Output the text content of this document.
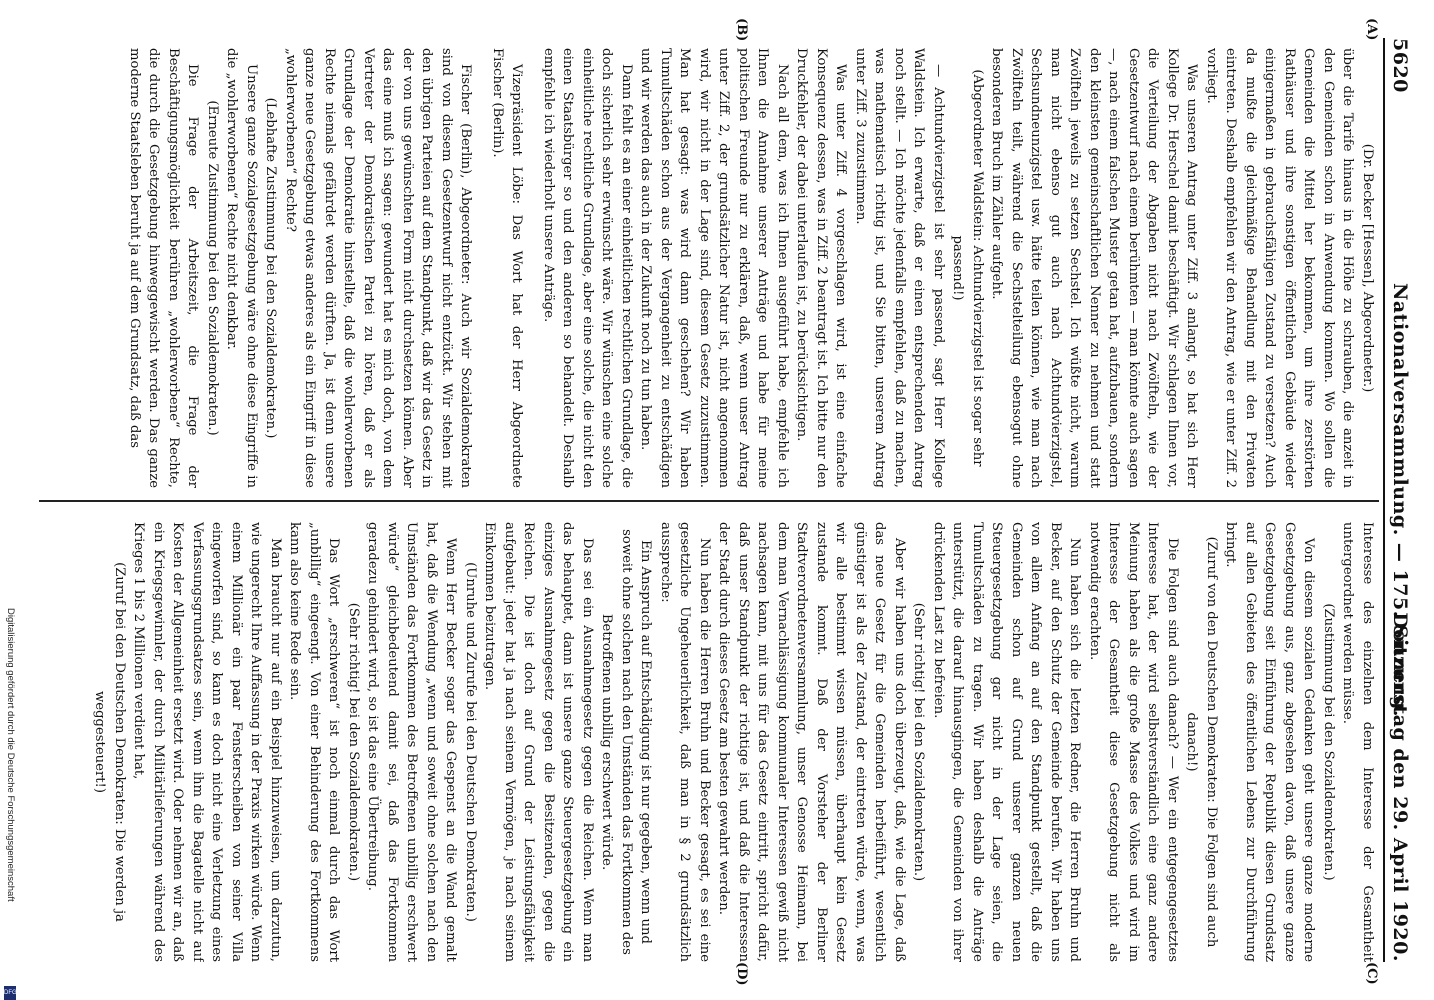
5620
Nationalversammlung. — 175. Sitzung.
Donnerstag den 29. April 1920.
(A)
(B)
(C)
(D)

(Dr. Becker [Hessen], Abgeordneter.)

über die Tarife hinaus in die Höhe zu schrauben, die anzeit in den Gemeinden schon in Anwendung kommen. Wo sollen die Gemeinden die Mittel her bekommen, um ihre zerstörten Rathäuser und ihre sonstigen öffentlichen Gebäude wieder einigermaßen in gebrauchsfähigen Zustand zu versetzen? Auch da mußte die gleichmäßige Behandlung mit den Privaten eintreten. Deshalb empfehlen wir den Antrag, wie er unter Ziff. 2 vorliegt.

Was unseren Antrag unter Ziff. 3 anlangt, so hat sich Herr Kollege Dr. Herschel damit beschäftigt. Wir schlagen Ihnen vor, die Verteilung der Abgaben nicht nach Zwölfteln, wie der Gesetzentwurf nach einem berühmten — man könnte auch sagen —, nach einem falschen Muster getan hat, aufzubauen, sondern den kleinsten gemeinschaftlichen Nenner zu nehmen und statt Zwölfteln jeweils zu setzen Sechstel. Ich wüßte nicht, warum man nicht ebenso gut auch nach Achtundvierzigstel, Sechsundneunzigstel usw. hätte teilen können, wie man nach Zwölfteln teilt, während die Sechstelteilung ebensogut ohne besonderen Bruch im Zähler aufgeht.

(Abgeordneter Waldstein: Achtundvierzigstel ist sogar sehr passend!)

— Achtundvierzigstel ist sehr passend, sagt Herr Kollege Waldstein. Ich erwarte, daß er einen entsprechenden Antrag noch stellt. — Ich möchte jedenfalls empfehlen, daß zu machen, was mathematisch richtig ist, und Sie bitten, unserem Antrag unter Ziff. 3 zuzustimmen.

Was unter Ziff. 4 vorgeschlagen wird, ist eine einfache Konsequenz dessen, was in Ziff. 2 beantragt ist. Ich bitte nur den Druckfehler, der dabei unterlaufen ist, zu berücksichtigen.

Nach all dem, was ich Ihnen ausgeführt habe, empfehle ich Ihnen die Annahme unserer Anträge und habe für meine politischen Freunde nur zu erklären, daß, wenn unser Antrag unter Ziff. 2, der grundsätzlicher Natur ist, nicht angenommen wird, wir nicht in der Lage sind, diesem Gesetz zuzustimmen. Man hat gesagt: was wird dann geschehen? Wir haben Tumultschäden schon aus der Vergangenheit zu entschädigen und wir werden das auch in der Zukunft noch zu tun haben.

Dann fehlt es an einer einheitlichen rechtlichen Grundlage, die doch sicherlich sehr erwünscht wäre. Wir wünschen eine solche einheitliche rechtliche Grundlage, aber eine solche, die nicht den einen Staatsbürger so und den anderen so behandelt. Deshalb empfehle ich wiederholt unsere Anträge.

Vizepräsident Löbe: Das Wort hat der Herr Abgeordnete Fischer (Berlin).

Fischer (Berlin), Abgeordneter: Auch wir Sozialdemokraten sind von diesem Gesetzentwurf nicht entzückt. Wir stehen mit den übrigen Parteien auf dem Standpunkt, daß wir das Gesetz in der von uns gewünschten Form nicht durchsetzen können. Aber das eine muß ich sagen: gewundert hat es mich doch, von dem Vertreter der Demokratischen Partei zu hören, daß er als Grundlage der Demokratie hinstellte, daß die wohlerworbenen Rechte niemals gefährdet werden dürften. Ja, ist denn unsere ganze neue Gesetzgebung etwas anderes als ein Eingriff in diese „wohlerworbenen“ Rechte?

(Lebhafte Zustimmung bei den Sozialdemokraten.)

Unsere ganze Sozialgesetzgebung wäre ohne diese Eingriffe in die „wohlerworbenen“ Rechte nicht denkbar.

(Erneute Zustimmung bei den Sozialdemokraten.)

Die Frage der Arbeitszeit, die Frage der Beschäftigungsmöglichkeit berühren „wohlerworbene“ Rechte, die durch die Gesetzgebung hinweggewischt werden. Das ganze moderne Staatsleben beruht ja auf dem Grundsatz, daß das

Interesse des einzelnen dem Interesse der Gesamtheit untergeordnet werden müsse.

(Zustimmung bei den Sozialdemokraten.)

Von diesem sozialen Gedanken geht unsere ganze moderne Gesetzgebung aus, ganz abgesehen davon, daß unsere ganze Gesetzgebung seit Einführung der Republik diesen Grundsatz auf allen Gebieten des öffentlichen Lebens zur Durchführung bringt.

(Zuruf von den Deutschen Demokraten: Die Folgen sind auch danach!)

Die Folgen sind auch danach? — Wer ein entgegengesetztes Interesse hat, der wird selbstverständlich eine ganz andere Meinung haben als die große Masse des Volkes und wird im Interesse der Gesamtheit diese Gesetzgebung nicht als notwendig erachten.

Nun haben sich die letzten Redner, die Herren Bruhn und Becker, auf den Schutz der Gemeinde berufen. Wir haben uns von allem Anfang an auf den Standpunkt gestellt, daß die Gemeinden schon auf Grund unserer ganzen neuen Steuergesetzgebung gar nicht in der Lage seien, die Tumultschäden zu tragen. Wir haben deshalb die Anträge unterstützt, die darauf hinausgingen, die Gemeinden von ihrer drückenden Last zu befreien.

(Sehr richtig! bei den Sozialdemokraten.)

Aber wir haben uns doch überzeugt, daß, wie die Lage, daß das neue Gesetz für die Gemeinden herbeiführt, wesentlich günstiger ist als der Zustand, der eintreten würde, wenn, was wir alle bestimmt wissen müssen, überhaupt kein Gesetz zustande kommt. Daß der Vorsteher der Berliner Stadtverordnetenversammlung, unser Genosse Heimann, bei dem man Vernachlässigung kommunaler Interessen gewiß nicht nachsagen kann, mit uns für das Gesetz eintritt, spricht dafür, daß unser Standpunkt der richtige ist, und daß die Interessen der Stadt durch dieses Gesetz am besten gewahrt werden.

Nun haben die Herren Bruhn und Becker gesagt, es sei eine gesetzliche Ungeheuerlichkeit, daß man in § 2 grundsätzlich ausspreche:

Ein Anspruch auf Entschädigung ist nur gegeben, wenn und soweit ohne solchen nach den Umständen das Fortkommen des Betroffenen unbillig erschwert würde.

Das sei ein Ausnahmegesetz gegen die Reichen. Wenn man das behauptet, dann ist unsere ganze Steuergesetzgebung ein einziges Ausnahmegesetz gegen die Besitzenden, gegen die Reichen. Die ist doch auf Grund der Leistungsfähigkeit aufgebaut: jeder hat ja nach seinem Vermögen, je nach seinem Einkommen beizutragen.

(Unruhe und Zurufe bei den Deutschen Demokraten.)

Wenn Herr Becker sogar das Gespenst an die Wand gemalt hat, daß die Wendung „wenn und soweit ohne solchen nach den Umständen das Fortkommen des Betroffenen unbillig erschwert würde“ gleichbedeutend damit sei, daß das Fortkommen geradezu gehindert wird, so ist das eine Übertreibung.

(Sehr richtig! bei den Sozialdemokraten.)

Das Wort „erschweren“ ist noch einmal durch das Wort „unbillig“ eingeengt. Von einer Behinderung des Fortkommens kann also keine Rede sein.

Man braucht nur auf ein Beispiel hinzuweisen, um darzutun, wie ungerecht Ihre Auffassung in der Praxis wirken würde. Wenn einem Millionär ein paar Fensterscheiben von seiner Villa eingeworfen sind, so kann es doch nicht eine Verletzung eines Verfassungsgrundsatzes sein, wenn ihm die Bagatelle nicht auf Kosten der Allgemeinheit ersetzt wird. Oder nehmen wir an, daß ein Kriegsgewinnler, der durch Militärlieferungen während des Krieges 1 bis 2 Millionen verdient hat,

(Zuruf bei den Deutschen Demokraten: Die werden ja weggesteuert!)

Digitalisierung gefördert durch die Deutsche Forschungsgemeinschaft
DFG
